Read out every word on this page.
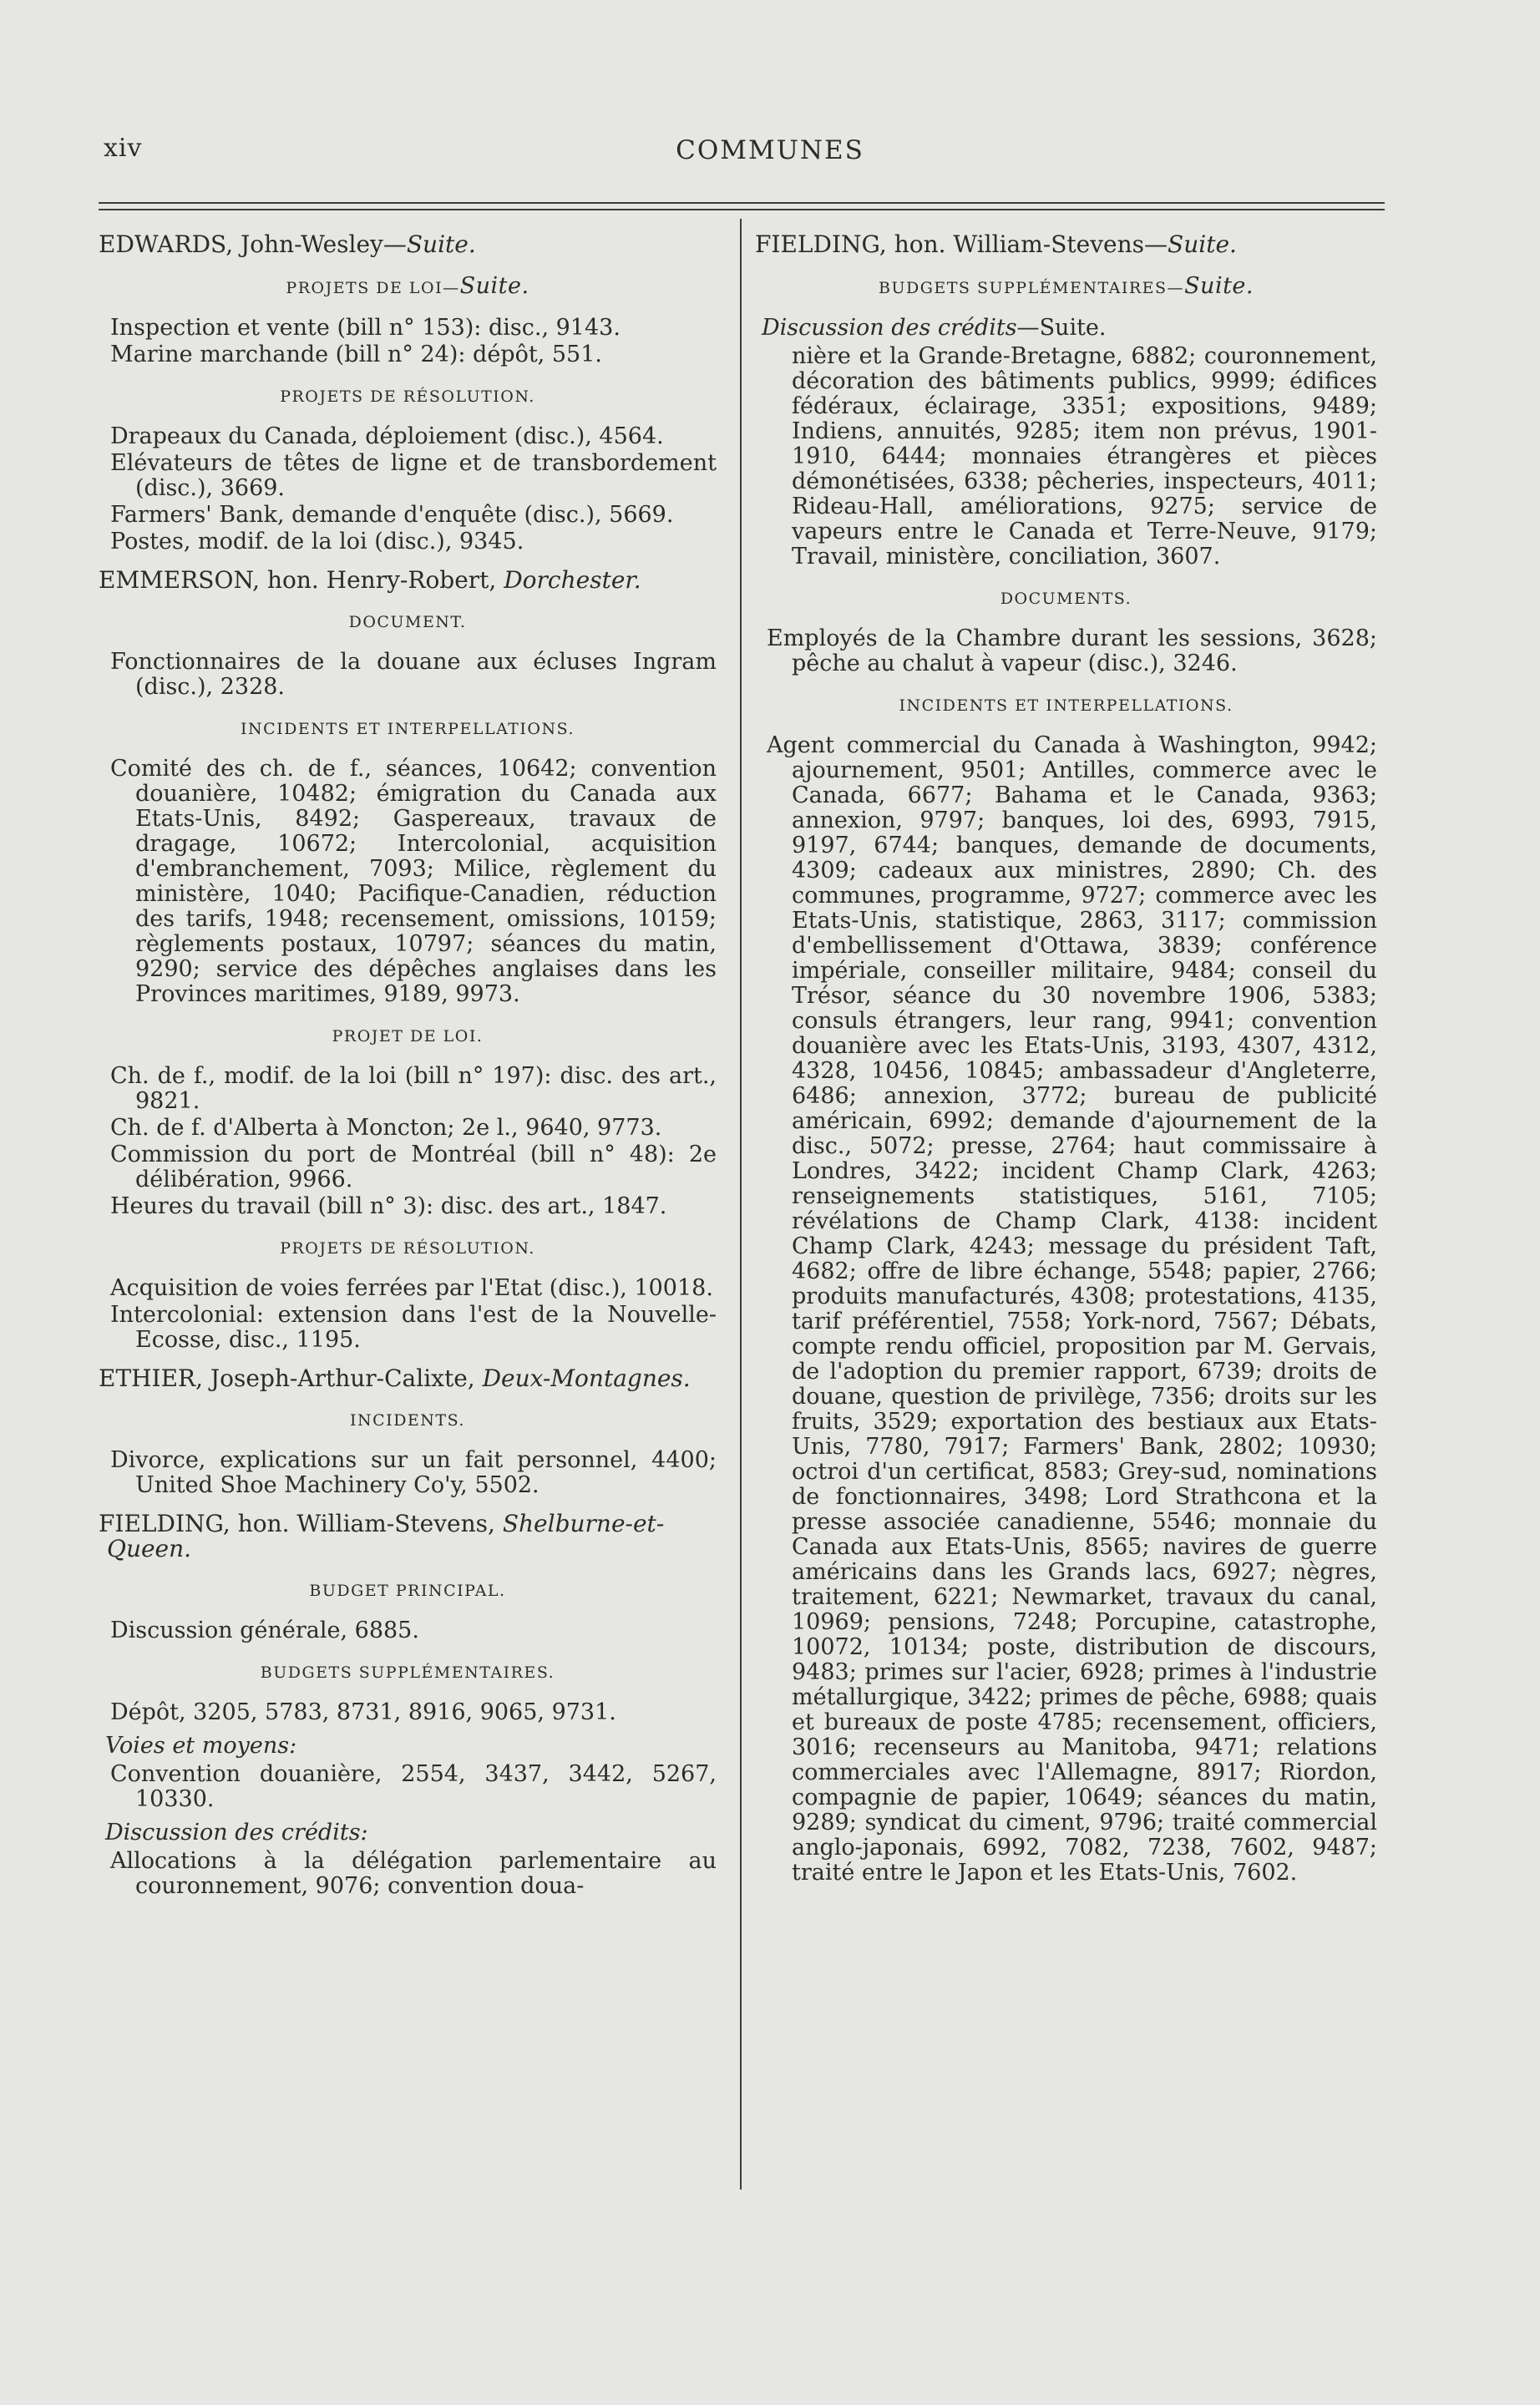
xiv	COMMUNES

EDWARDS, John-Wesley—Suite.

PROJETS DE LOI—Suite.

Inspection et vente (bill n° 153): disc., 9143.

Marine marchande (bill n° 24): dépôt, 551.

PROJETS DE RÉSOLUTION.

Drapeaux du Canada, déploiement (disc.), 4564.

Elévateurs de têtes de ligne et de transbordement (disc.), 3669.

Farmers' Bank, demande d'enquête (disc.), 5669.

Postes, modif. de la loi (disc.), 9345.

EMMERSON, hon. Henry-Robert, Dorchester.

DOCUMENT.

Fonctionnaires de la douane aux écluses Ingram (disc.), 2328.

INCIDENTS ET INTERPELLATIONS.

Comité des ch. de f., séances, 10642; convention douanière, 10482; émigration du Canada aux Etats-Unis, 8492; Gaspereaux, travaux de dragage, 10672; Intercolonial, acquisition d'embranchement, 7093; Milice, règlement du ministère, 1040; Pacifique-Canadien, réduction des tarifs, 1948; recensement, omissions, 10159; règlements postaux, 10797; séances du matin, 9290; service des dépêches anglaises dans les Provinces maritimes, 9189, 9973.

PROJET DE LOI.

Ch. de f., modif. de la loi (bill n° 197): disc. des art., 9821.

Ch. de f. d'Alberta à Moncton; 2e l., 9640, 9773.

Commission du port de Montréal (bill n° 48): 2e délibération, 9966.

Heures du travail (bill n° 3): disc. des art., 1847.

PROJETS DE RÉSOLUTION.

Acquisition de voies ferrées par l'Etat (disc.), 10018.

Intercolonial: extension dans l'est de la Nouvelle-Ecosse, disc., 1195.

ETHIER, Joseph-Arthur-Calixte, Deux-Montagnes.

INCIDENTS.

Divorce, explications sur un fait personnel, 4400; United Shoe Machinery Co'y, 5502.

FIELDING, hon. William-Stevens, Shelburne-et-Queen.

BUDGET PRINCIPAL.

Discussion générale, 6885.

BUDGETS SUPPLÉMENTAIRES.

Dépôt, 3205, 5783, 8731, 8916, 9065, 9731.

Voies et moyens:

Convention douanière, 2554, 3437, 3442, 5267, 10330.

Discussion des crédits:

Allocations à la délégation parlementaire au couronnement, 9076; convention doua-

FIELDING, hon. William-Stevens—Suite.

BUDGETS SUPPLÉMENTAIRES—Suite.

Discussion des crédits—Suite.

nière et la Grande-Bretagne, 6882; couronnement, décoration des bâtiments publics, 9999; édifices fédéraux, éclairage, 3351; expositions, 9489; Indiens, annuités, 9285; item non prévus, 1901-1910, 6444; monnaies étrangères et pièces démonétisées, 6338; pêcheries, inspecteurs, 4011; Rideau-Hall, améliorations, 9275; service de vapeurs entre le Canada et Terre-Neuve, 9179; Travail, ministère, conciliation, 3607.

DOCUMENTS.

Employés de la Chambre durant les sessions, 3628; pêche au chalut à vapeur (disc.), 3246.

INCIDENTS ET INTERPELLATIONS.

Agent commercial du Canada à Washington, 9942; ajournement, 9501; Antilles, commerce avec le Canada, 6677; Bahama et le Canada, 9363; annexion, 9797; banques, loi des, 6993, 7915, 9197, 6744; banques, demande de documents, 4309; cadeaux aux ministres, 2890; Ch. des communes, programme, 9727; commerce avec les Etats-Unis, statistique, 2863, 3117; commission d'embellissement d'Ottawa, 3839; conférence impériale, conseiller militaire, 9484; conseil du Trésor, séance du 30 novembre 1906, 5383; consuls étrangers, leur rang, 9941; convention douanière avec les Etats-Unis, 3193, 4307, 4312, 4328, 10456, 10845; ambassadeur d'Angleterre, 6486; annexion, 3772; bureau de publicité américain, 6992; demande d'ajournement de la disc., 5072; presse, 2764; haut commissaire à Londres, 3422; incident Champ Clark, 4263; renseignements statistiques, 5161, 7105; révélations de Champ Clark, 4138: incident Champ Clark, 4243; message du président Taft, 4682; offre de libre échange, 5548; papier, 2766; produits manufacturés, 4308; protestations, 4135, tarif préférentiel, 7558; York-nord, 7567; Débats, compte rendu officiel, proposition par M. Gervais, de l'adoption du premier rapport, 6739; droits de douane, question de privilège, 7356; droits sur les fruits, 3529; exportation des bestiaux aux Etats-Unis, 7780, 7917; Farmers' Bank, 2802; 10930; octroi d'un certificat, 8583; Grey-sud, nominations de fonctionnaires, 3498; Lord Strathcona et la presse associée canadienne, 5546; monnaie du Canada aux Etats-Unis, 8565; navires de guerre américains dans les Grands lacs, 6927; nègres, traitement, 6221; Newmarket, travaux du canal, 10969; pensions, 7248; Porcupine, catastrophe, 10072, 10134; poste, distribution de discours, 9483; primes sur l'acier, 6928; primes à l'industrie métallurgique, 3422; primes de pêche, 6988; quais et bureaux de poste 4785; recensement, officiers, 3016; recenseurs au Manitoba, 9471; relations commerciales avec l'Allemagne, 8917; Riordon, compagnie de papier, 10649; séances du matin, 9289; syndicat du ciment, 9796; traité commercial anglo-japonais, 6992, 7082, 7238, 7602, 9487; traité entre le Japon et les Etats-Unis, 7602.
